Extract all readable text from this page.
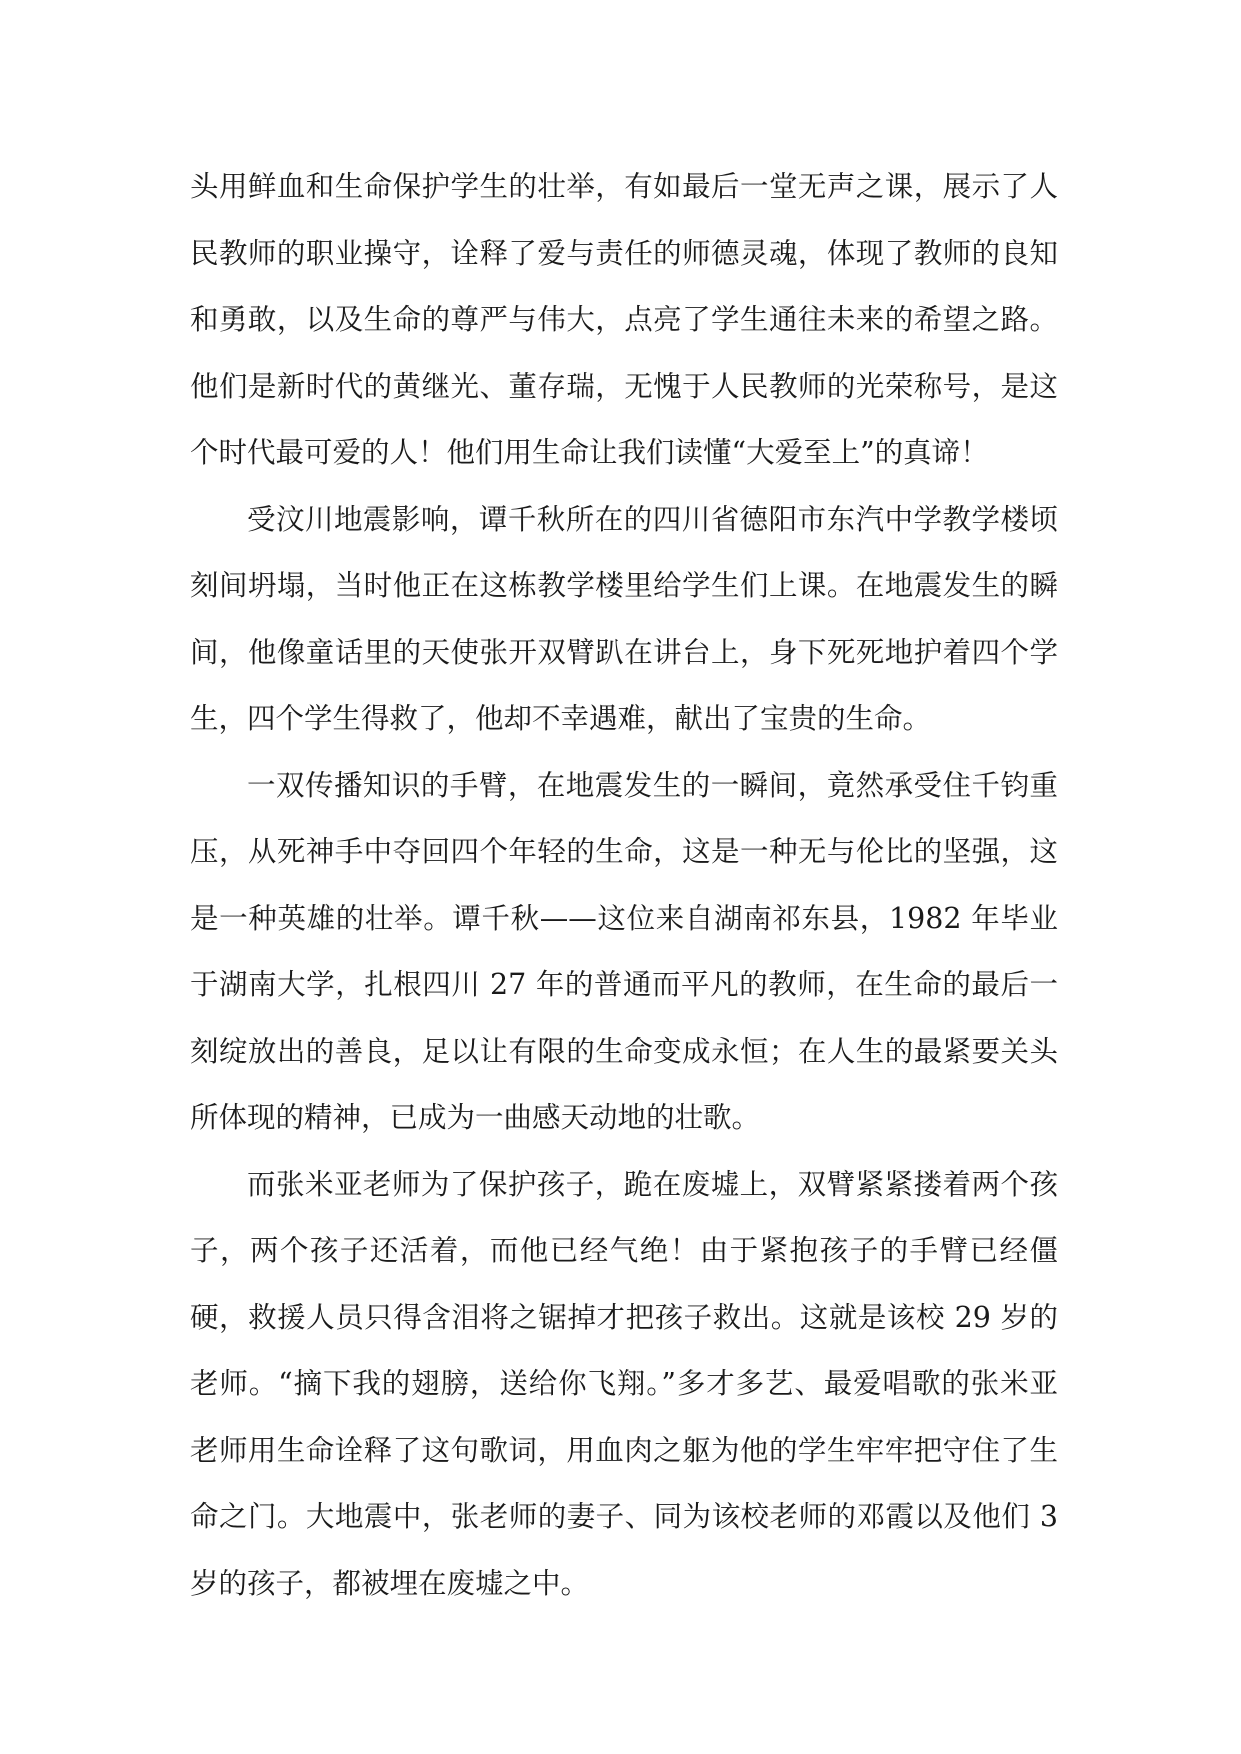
头用鲜血和生命保护学生的壮举，有如最后一堂无声之课，展示了人民教师的职业操守，诠释了爱与责任的师德灵魂，体现了教师的良知和勇敢，以及生命的尊严与伟大，点亮了学生通往未来的希望之路。他们是新时代的黄继光、董存瑞，无愧于人民教师的光荣称号，是这个时代最可爱的人！他们用生命让我们读懂“大爱至上”的真谛！

受汶川地震影响，谭千秋所在的四川省德阳市东汽中学教学楼顷刻间坍塌，当时他正在这栋教学楼里给学生们上课。在地震发生的瞬间，他像童话里的天使张开双臂趴在讲台上，身下死死地护着四个学生，四个学生得救了，他却不幸遇难，献出了宝贵的生命。

一双传播知识的手臂，在地震发生的一瞬间，竟然承受住千钧重压，从死神手中夺回四个年轻的生命，这是一种无与伦比的坚强，这是一种英雄的壮举。谭千秋——这位来自湖南祁东县，1982 年毕业于湖南大学，扎根四川 27 年的普通而平凡的教师，在生命的最后一刻绽放出的善良，足以让有限的生命变成永恒；在人生的最紧要关头所体现的精神，已成为一曲感天动地的壮歌。

而张米亚老师为了保护孩子，跪在废墟上，双臂紧紧搂着两个孩子，两个孩子还活着，而他已经气绝！由于紧抱孩子的手臂已经僵硬，救援人员只得含泪将之锯掉才把孩子救出。这就是该校 29 岁的老师。“摘下我的翅膀，送给你飞翔。”多才多艺、最爱唱歌的张米亚老师用生命诠释了这句歌词，用血肉之躯为他的学生牢牢把守住了生命之门。大地震中，张老师的妻子、同为该校老师的邓霞以及他们 3 岁的孩子，都被埋在废墟之中。
